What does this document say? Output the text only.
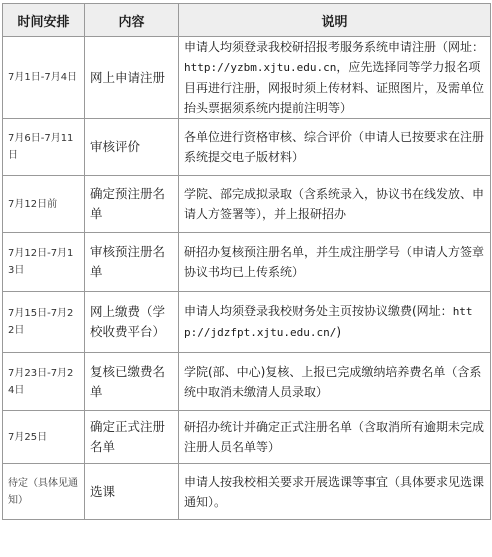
时间安排	内容	说明
7月1日-7月4日	网上申请注册	申请人均须登录我校研招报考服务系统申请注册（网址：http://yzbm.xjtu.edu.cn，应先选择同等学力报名项目再进行注册，网报时须上传材料、证照图片，及需单位抬头票据须系统内提前注明等）
7月6日-7月11日	审核评价	各单位进行资格审核、综合评价（申请人已按要求在注册系统提交电子版材料）
7月12日前	确定预注册名单	学院、部完成拟录取（含系统录入，协议书在线发放、申请人方签署等），并上报研招办
7月12日-7月13日	审核预注册名单	研招办复核预注册名单，并生成注册学号（申请人方签章协议书均已上传系统）
7月15日-7月22日	网上缴费（学校收费平台）	申请人均须登录我校财务处主页按协议缴费(网址：http://jdzfpt.xjtu.edu.cn/)
7月23日-7月24日	复核已缴费名单	学院(部、中心)复核、上报已完成缴纳培养费名单（含系统中取消未缴清人员录取）
7月25日	确定正式注册名单	研招办统计并确定正式注册名单（含取消所有逾期未完成注册人员名单等）
待定（具体见通知）	选课	申请人按我校相关要求开展选课等事宜（具体要求见选课通知）。
